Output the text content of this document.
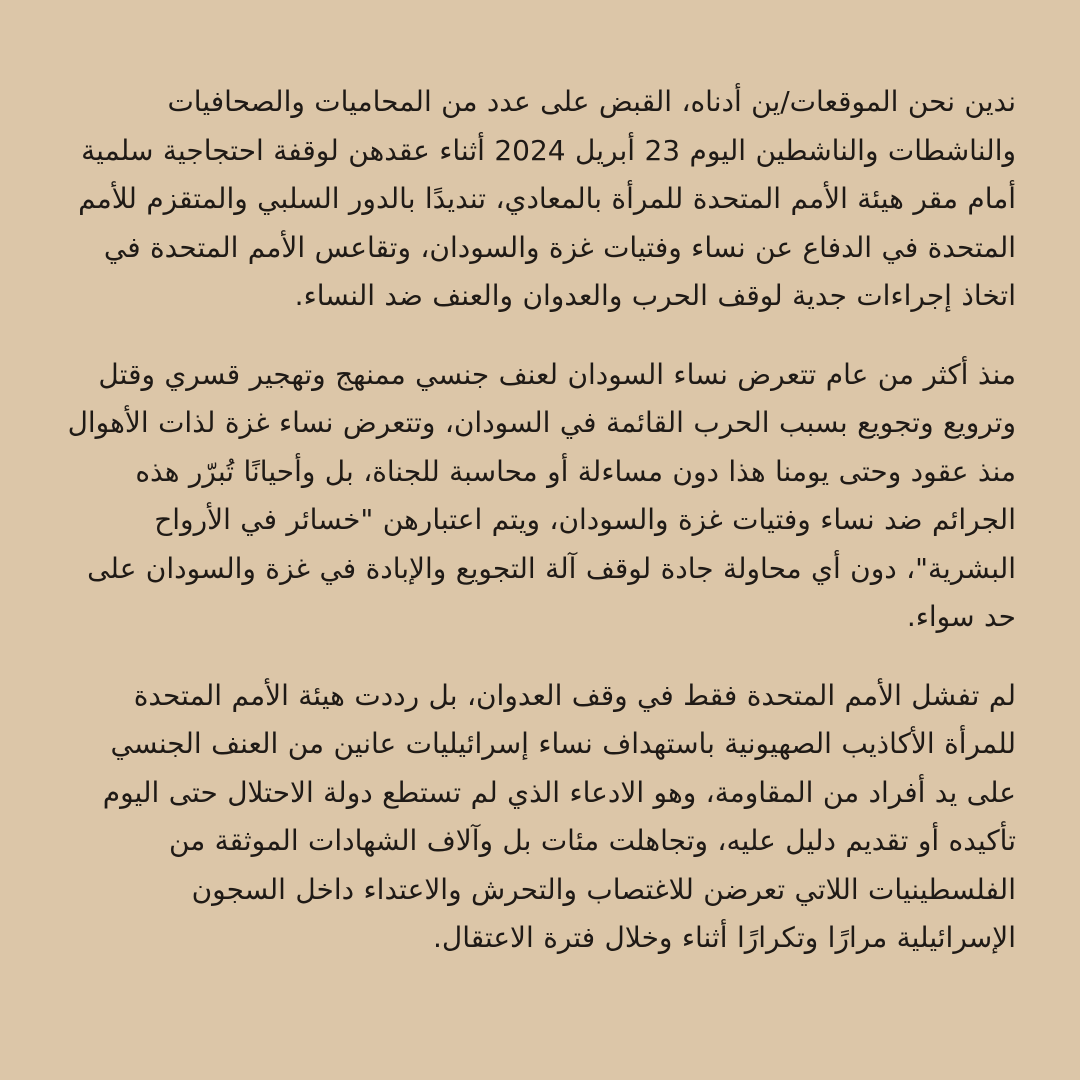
ندين نحن الموقعات/ين أدناه، القبض على عدد من المحاميات والصحافيات والناشطات والناشطين اليوم 23 أبريل 2024 أثناء عقدهن لوقفة احتجاجية سلمية أمام مقر هيئة الأمم المتحدة للمرأة بالمعادي، تنديدًا بالدور السلبي والمتقزم للأمم المتحدة في الدفاع عن نساء وفتيات غزة والسودان، وتقاعس الأمم المتحدة في اتخاذ إجراءات جدية لوقف الحرب والعدوان والعنف ضد النساء.

منذ أكثر من عام تتعرض نساء السودان لعنف جنسي ممنهج وتهجير قسري وقتل وترويع وتجويع بسبب الحرب القائمة في السودان، وتتعرض نساء غزة لذات الأهوال منذ عقود وحتى يومنا هذا دون مساءلة أو محاسبة للجناة، بل وأحيانًا تُبرّر هذه الجرائم ضد نساء وفتيات غزة والسودان، ويتم اعتبارهن "خسائر في الأرواح البشرية"، دون أي محاولة جادة لوقف آلة التجويع والإبادة في غزة والسودان على حد سواء.

لم تفشل الأمم المتحدة فقط في وقف العدوان، بل رددت هيئة الأمم المتحدة للمرأة الأكاذيب الصهيونية باستهداف نساء إسرائيليات عانين من العنف الجنسي على يد أفراد من المقاومة، وهو الادعاء الذي لم تستطع دولة الاحتلال حتى اليوم تأكيده أو تقديم دليل عليه، وتجاهلت مئات بل وآلاف الشهادات الموثقة من الفلسطينيات اللاتي تعرضن للاغتصاب والتحرش والاعتداء داخل السجون الإسرائيلية مرارًا وتكرارًا أثناء وخلال فترة الاعتقال.
